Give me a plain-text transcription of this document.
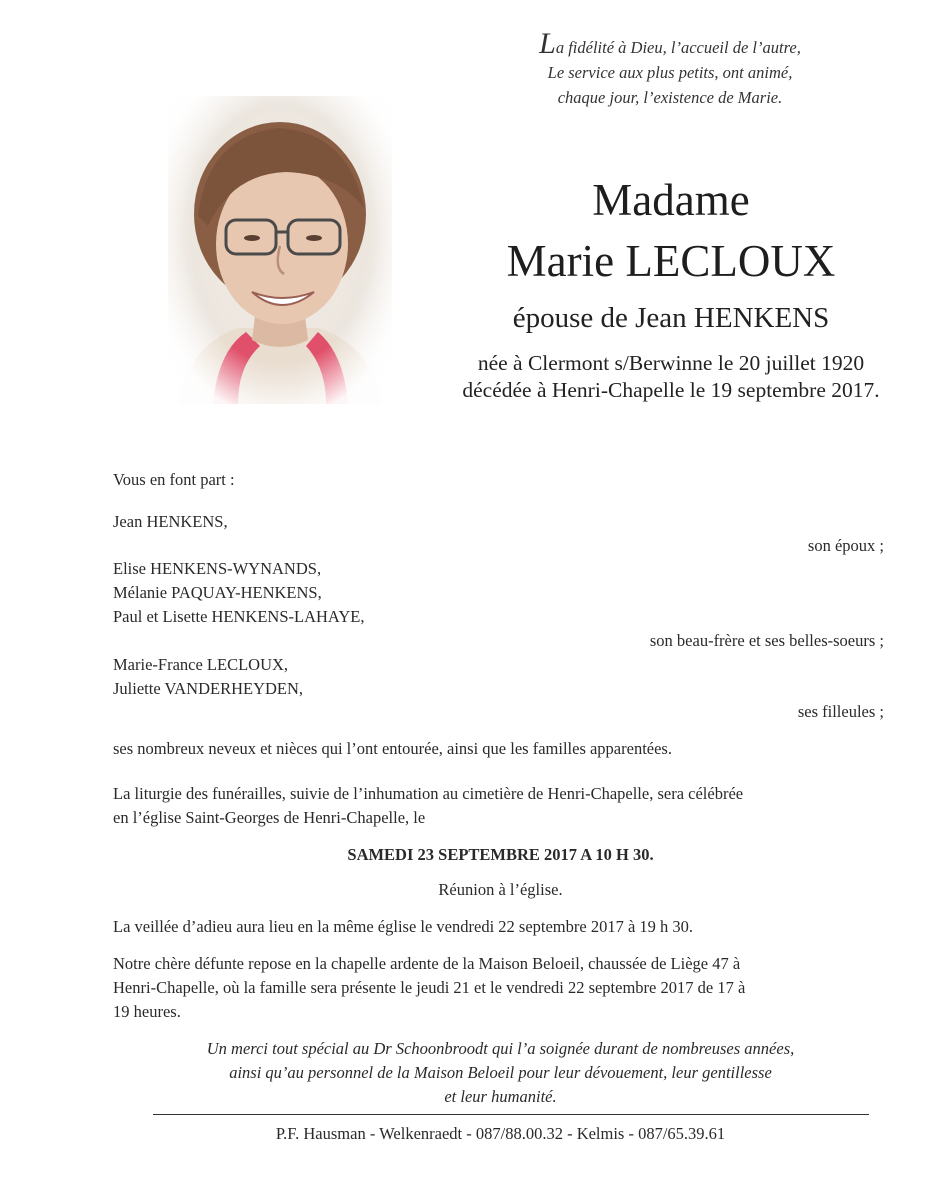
La fidélité à Dieu, l’accueil de l’autre,
Le service aux plus petits, ont animé,
chaque jour, l’existence de Marie.
Madame
Marie LECLOUX
épouse de Jean HENKENS
née à Clermont s/Berwinne le 20 juillet 1920
décédée à Henri-Chapelle le 19 septembre 2017.
Vous en font part :
Jean HENKENS,
son époux ;
Elise HENKENS-WYNANDS,
Mélanie PAQUAY-HENKENS,
Paul et Lisette HENKENS-LAHAYE,
son beau-frère et ses belles-soeurs ;
Marie-France LECLOUX,
Juliette VANDERHEYDEN,
ses filleules ;
ses nombreux neveux et nièces qui l’ont entourée, ainsi que les familles apparentées.
La liturgie des funérailles, suivie de l’inhumation au cimetière de Henri-Chapelle, sera célébrée
en l’église Saint-Georges de Henri-Chapelle, le
SAMEDI 23 SEPTEMBRE 2017 A 10 H 30.
Réunion à l’église.
La veillée d’adieu aura lieu en la même église le vendredi 22 septembre 2017 à 19 h 30.
Notre chère défunte repose en la chapelle ardente de la Maison Beloeil, chaussée de Liège 47 à
Henri-Chapelle, où la famille sera présente le jeudi 21 et le vendredi 22 septembre 2017 de 17 à
19 heures.
Un merci tout spécial au Dr Schoonbroodt qui l’a soignée durant de nombreuses années,
ainsi qu’au personnel de la Maison Beloeil pour leur dévouement, leur gentillesse
et leur humanité.
P.F. Hausman - Welkenraedt - 087/88.00.32 - Kelmis - 087/65.39.61
